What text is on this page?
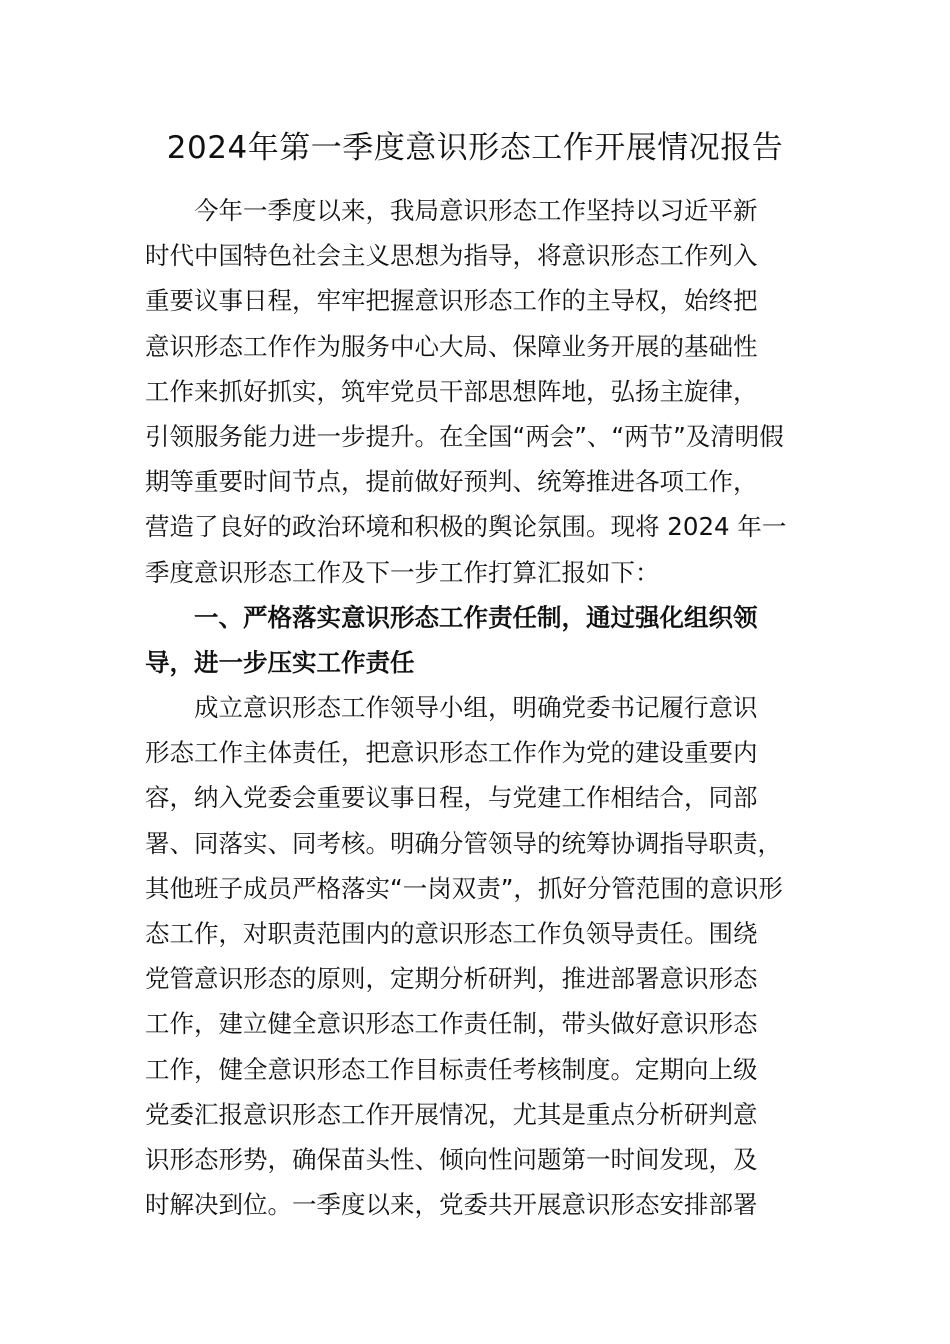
2024年第一季度意识形态工作开展情况报告
今年一季度以来，我局意识形态工作坚持以习近平新
时代中国特色社会主义思想为指导，将意识形态工作列入
重要议事日程，牢牢把握意识形态工作的主导权，始终把
意识形态工作作为服务中心大局、保障业务开展的基础性
工作来抓好抓实，筑牢党员干部思想阵地，弘扬主旋律，
引领服务能力进一步提升。在全国“两会”、“两节”及清明假
期等重要时间节点，提前做好预判、统筹推进各项工作，
营造了良好的政治环境和积极的舆论氛围。现将 2024 年一
季度意识形态工作及下一步工作打算汇报如下：
一、严格落实意识形态工作责任制，通过强化组织领
导，进一步压实工作责任
成立意识形态工作领导小组，明确党委书记履行意识
形态工作主体责任，把意识形态工作作为党的建设重要内
容，纳入党委会重要议事日程，与党建工作相结合，同部
署、同落实、同考核。明确分管领导的统筹协调指导职责，
其他班子成员严格落实“一岗双责”，抓好分管范围的意识形
态工作，对职责范围内的意识形态工作负领导责任。围绕
党管意识形态的原则，定期分析研判，推进部署意识形态
工作，建立健全意识形态工作责任制，带头做好意识形态
工作，健全意识形态工作目标责任考核制度。定期向上级
党委汇报意识形态工作开展情况，尤其是重点分析研判意
识形态形势，确保苗头性、倾向性问题第一时间发现，及
时解决到位。一季度以来，党委共开展意识形态安排部署
